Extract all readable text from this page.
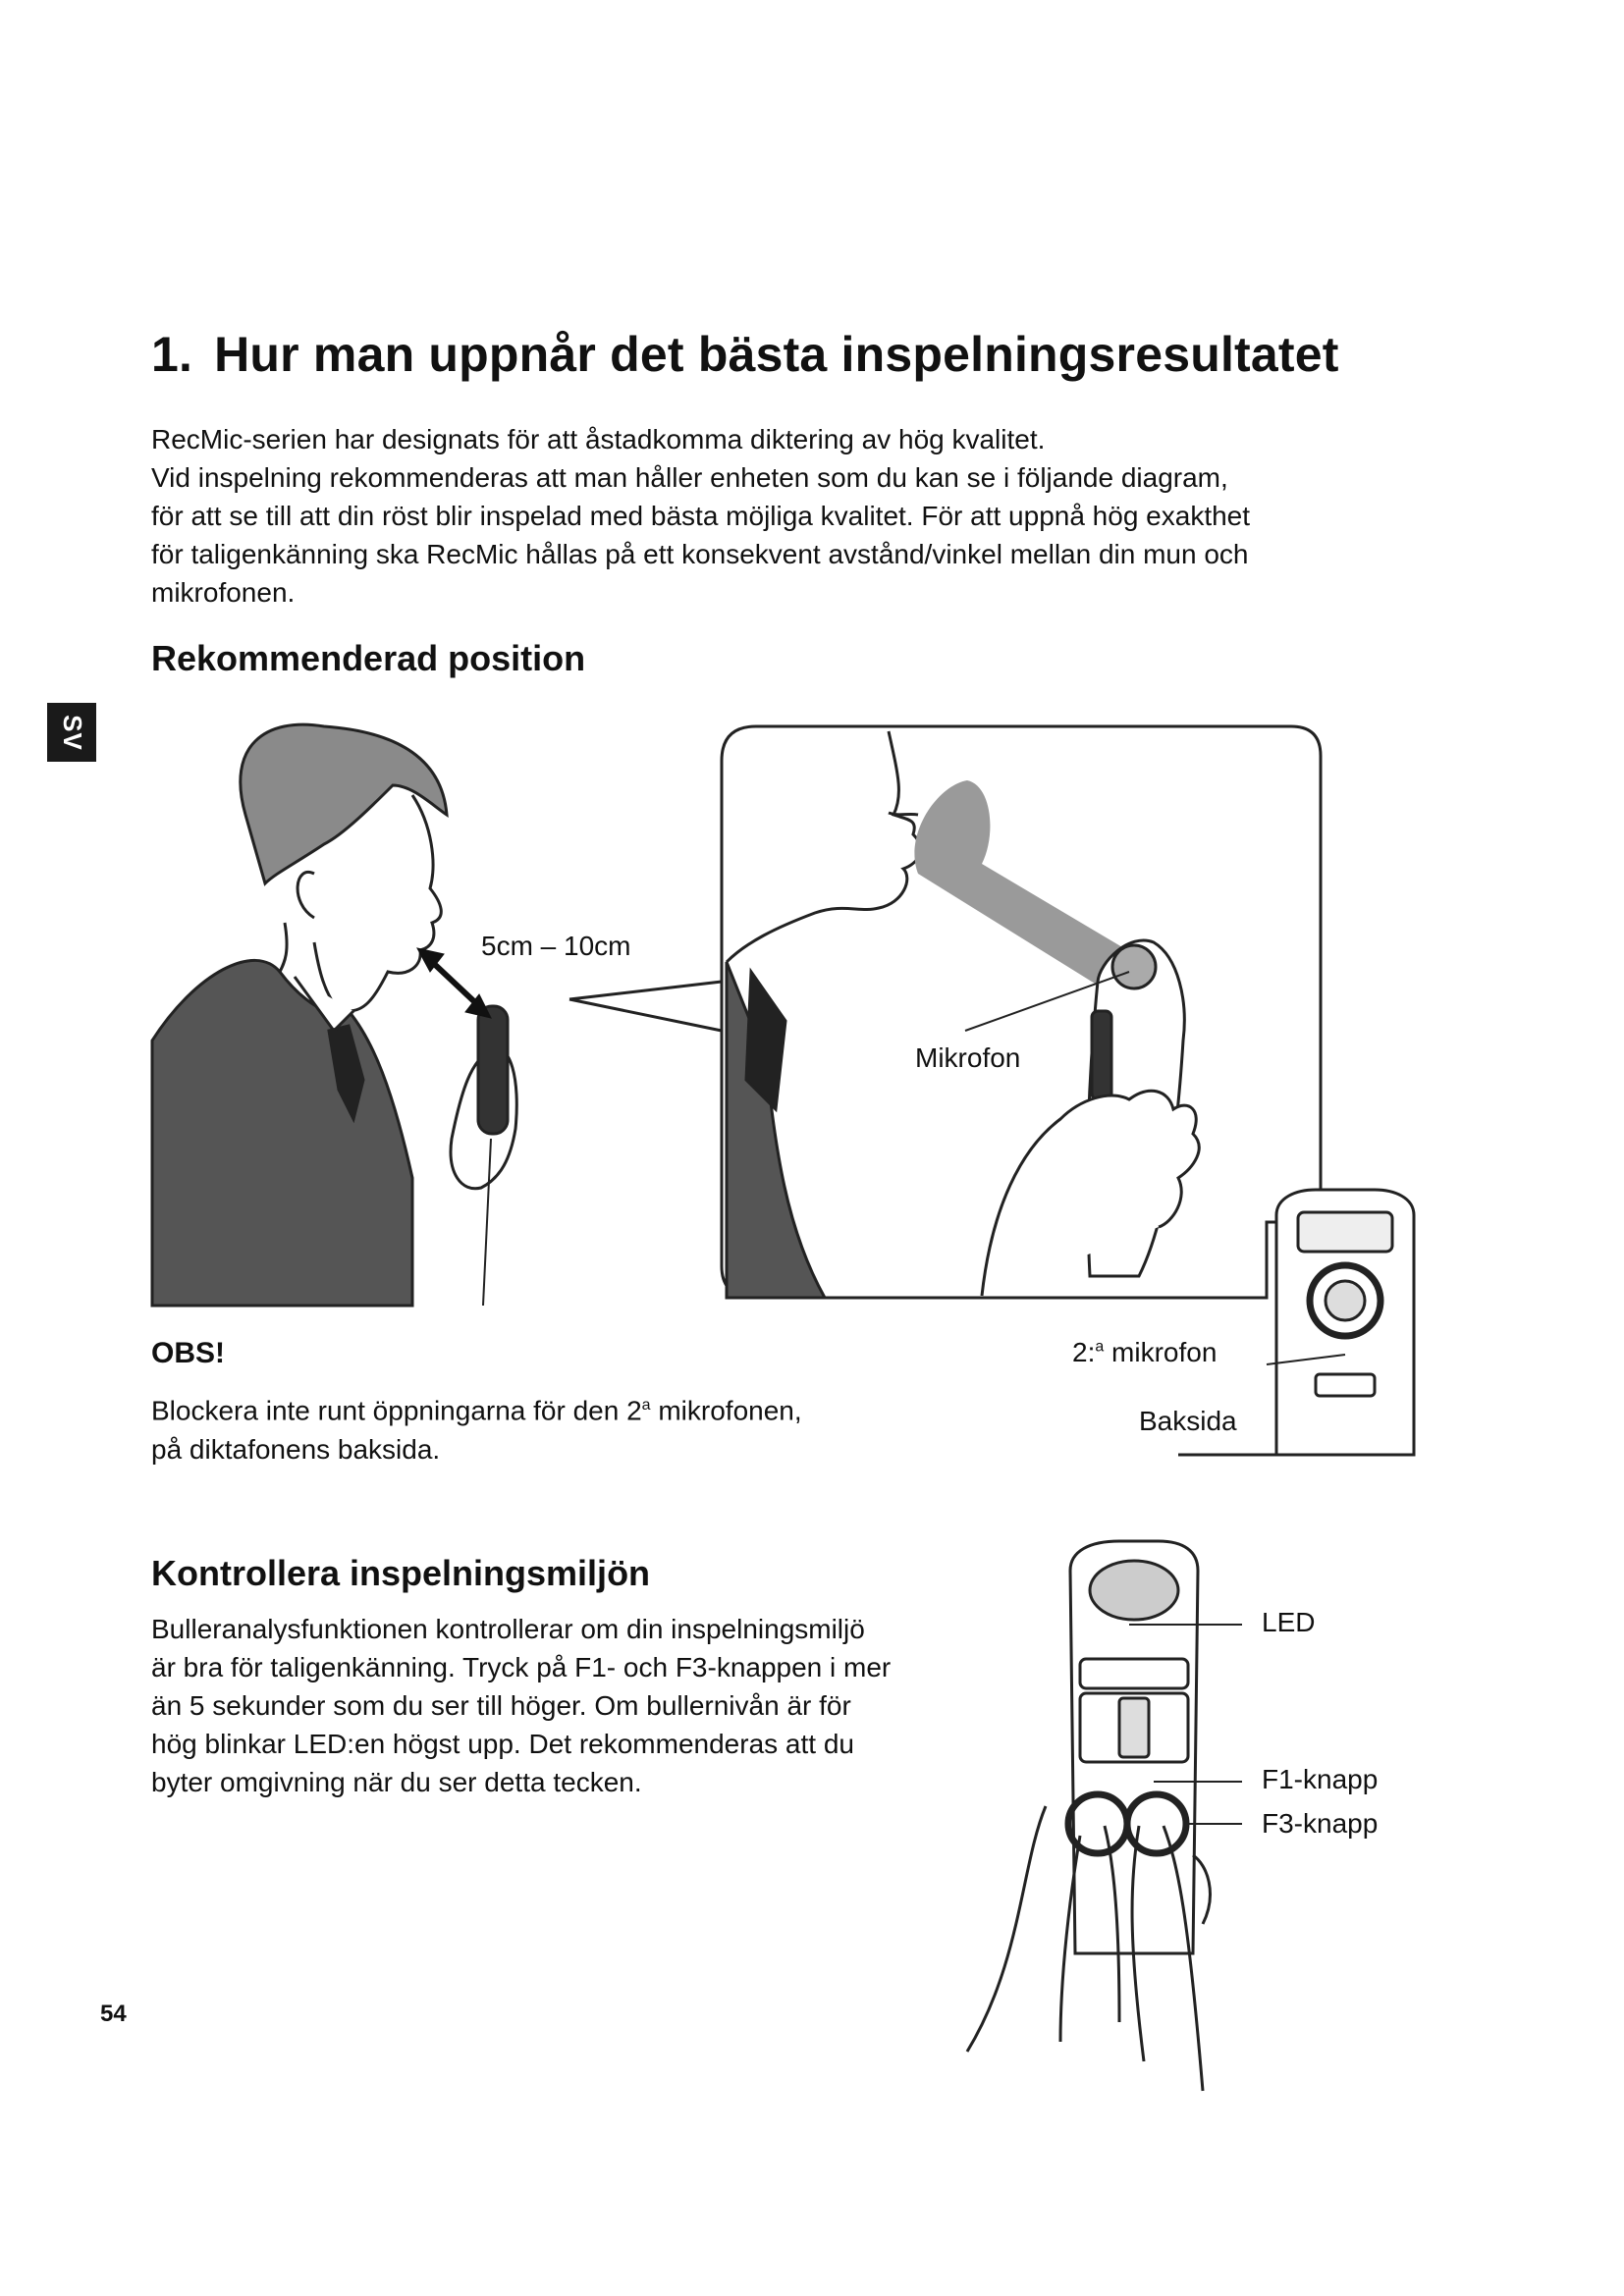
SV
1. Hur man uppnår det bästa inspelningsresultatet
RecMic-serien har designats för att åstadkomma diktering av hög kvalitet.
Vid inspelning rekommenderas att man håller enheten som du kan se i följande diagram,
för att se till att din röst blir inspelad med bästa möjliga kvalitet. För att uppnå hög exakthet
för taligenkänning ska RecMic hållas på ett konsekvent avstånd/vinkel mellan din mun och
mikrofonen.
Rekommenderad position
5cm – 10cm
Mikrofon
2:$^a$ mikrofon
Baksida
OBS!
Blockera inte runt öppningarna för den 2$^a$ mikrofonen,
på diktafonens baksida.
Kontrollera inspelningsmiljön
Bulleranalysfunktionen kontrollerar om din inspelningsmiljö
är bra för taligenkänning. Tryck på F1- och F3-knappen i mer
än 5 sekunder som du ser till höger. Om bullernivån är för
hög blinkar LED:en högst upp. Det rekommenderas att du
byter omgivning när du ser detta tecken.
LED
F1-knapp
F3-knapp
54
